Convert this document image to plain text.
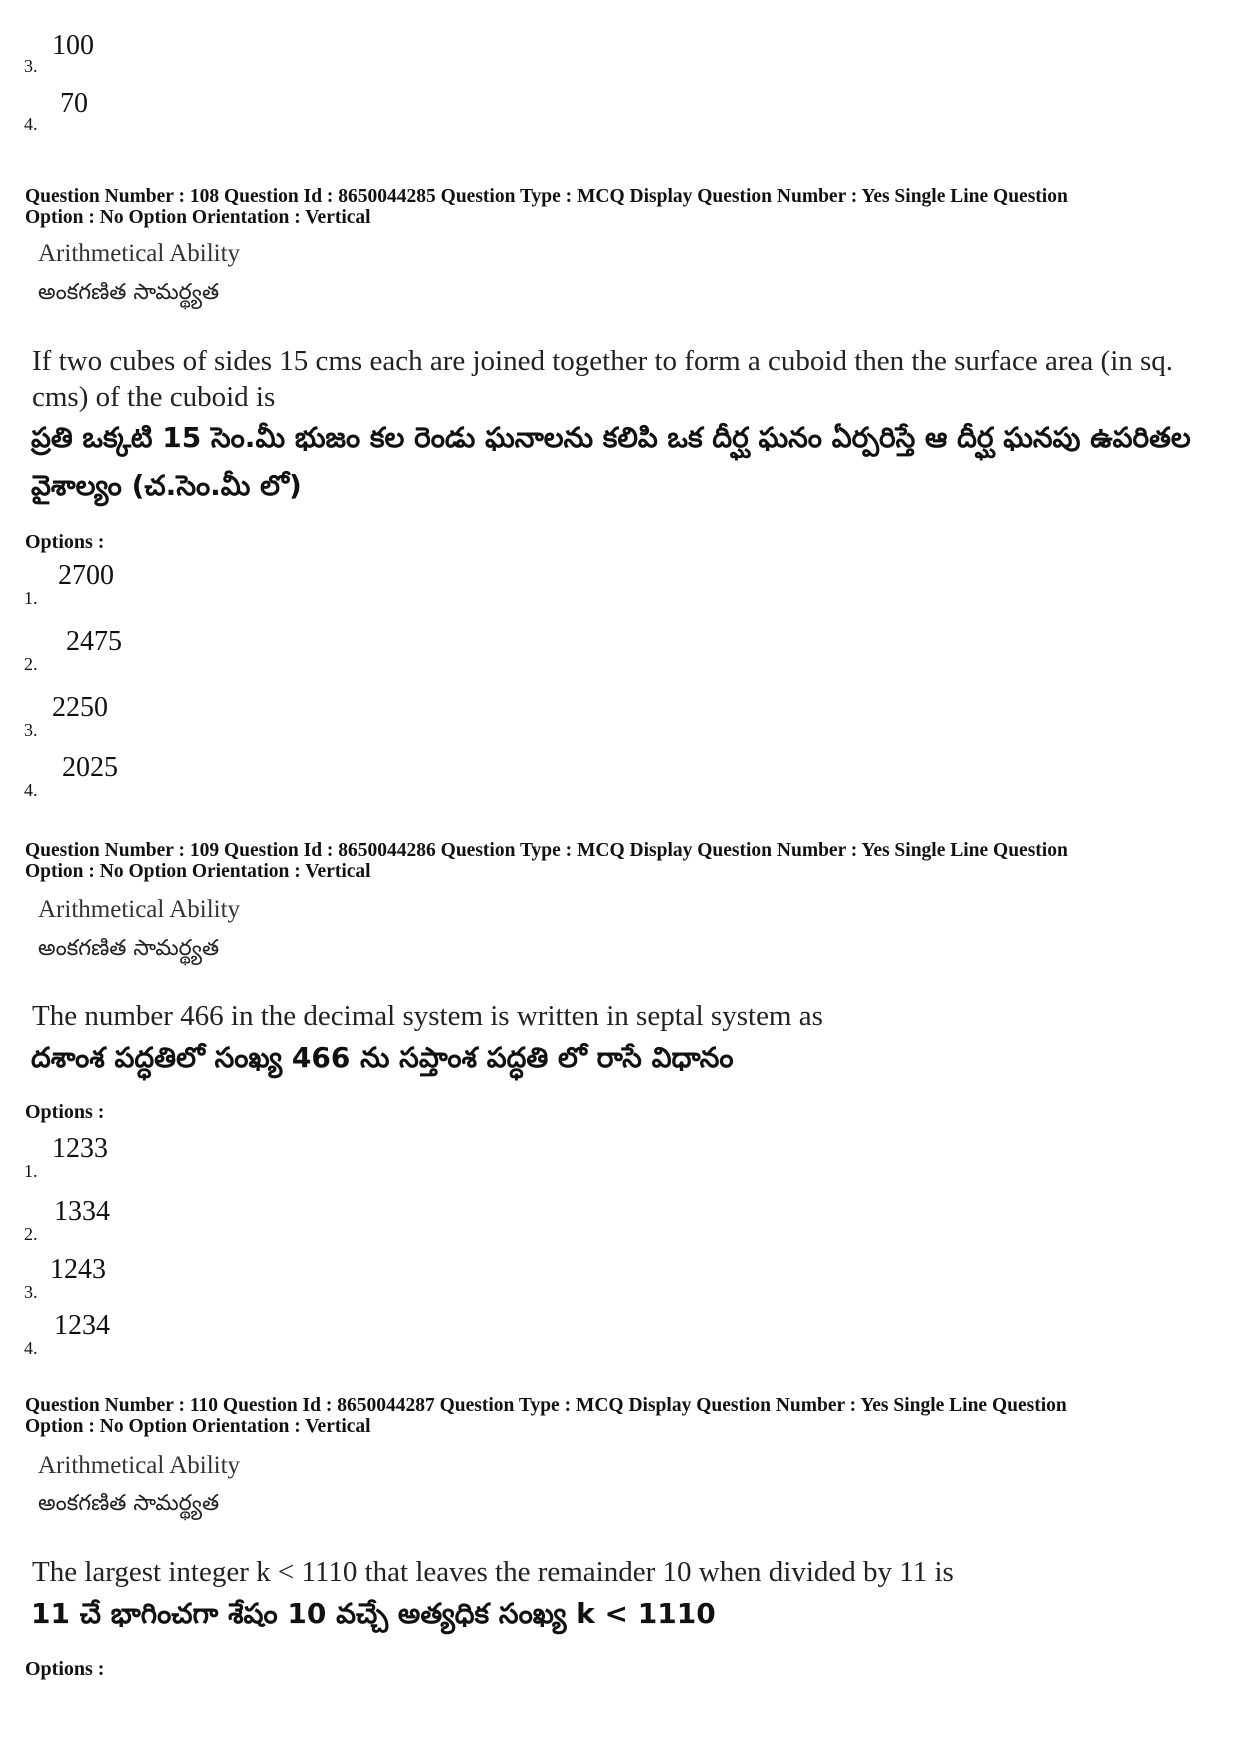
3.
100
4.
70
Question Number : 108 Question Id : 8650044285 Question Type : MCQ Display Question Number : Yes Single Line Question
Option : No Option Orientation : Vertical
Arithmetical Ability
అంకగణిత సామర్థ్యత
If two cubes of sides 15 cms each are joined together to form a cuboid then the surface area (in sq. cms) of the cuboid is
ప్రతి ఒక్కటి 15 సెం.మీ భుజం కల రెండు ఘనాలను కలిపి ఒక దీర్ఘ ఘనం ఏర్పరిస్తే ఆ దీర్ఘ ఘనపు ఉపరితల వైశాల్యం (చ.సెం.మీ లో)
Options :
1.
2700
2.
2475
3.
2250
4.
2025
Question Number : 109 Question Id : 8650044286 Question Type : MCQ Display Question Number : Yes Single Line Question
Option : No Option Orientation : Vertical
Arithmetical Ability
అంకగణిత సామర్థ్యత
The number 466 in the decimal system is written in septal system as
దశాంశ పద్ధతిలో సంఖ్య 466 ను సప్తాంశ పద్ధతి లో రాసే విధానం
Options :
1.
1233
2.
1334
3.
1243
4.
1234
Question Number : 110 Question Id : 8650044287 Question Type : MCQ Display Question Number : Yes Single Line Question
Option : No Option Orientation : Vertical
Arithmetical Ability
అంకగణిత సామర్థ్యత
The largest integer k < 1110 that leaves the remainder 10 when divided by 11 is
11 చే భాగించగా శేషం 10 వచ్చే అత్యధిక సంఖ్య k < 1110
Options :
